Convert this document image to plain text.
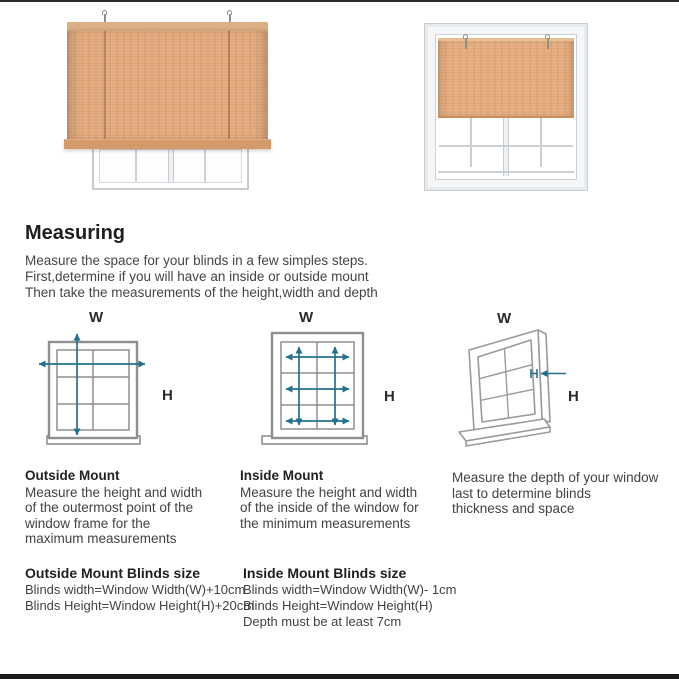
Measuring
Measure the space for your blinds in a few simples steps.
First,determine if you will have an inside or outside mount
Then take the measurements of the height,width and depth
W
H
W
H
W
H
Outside Mount
Measure the height and width
of the outermost point of the
window frame for the
maximum measurements
Inside Mount
Measure the height and width
of the inside of the window for
the minimum measurements
Measure the depth of your window
last to determine blinds
thickness and space
Outside Mount Blinds size
Blinds width=Window Width(W)+10cm
Blinds Height=Window Height(H)+20cm
Inside Mount Blinds size
Blinds width=Window Width(W)- 1cm
Blinds Height=Window Height(H)
Depth must be at least 7cm
